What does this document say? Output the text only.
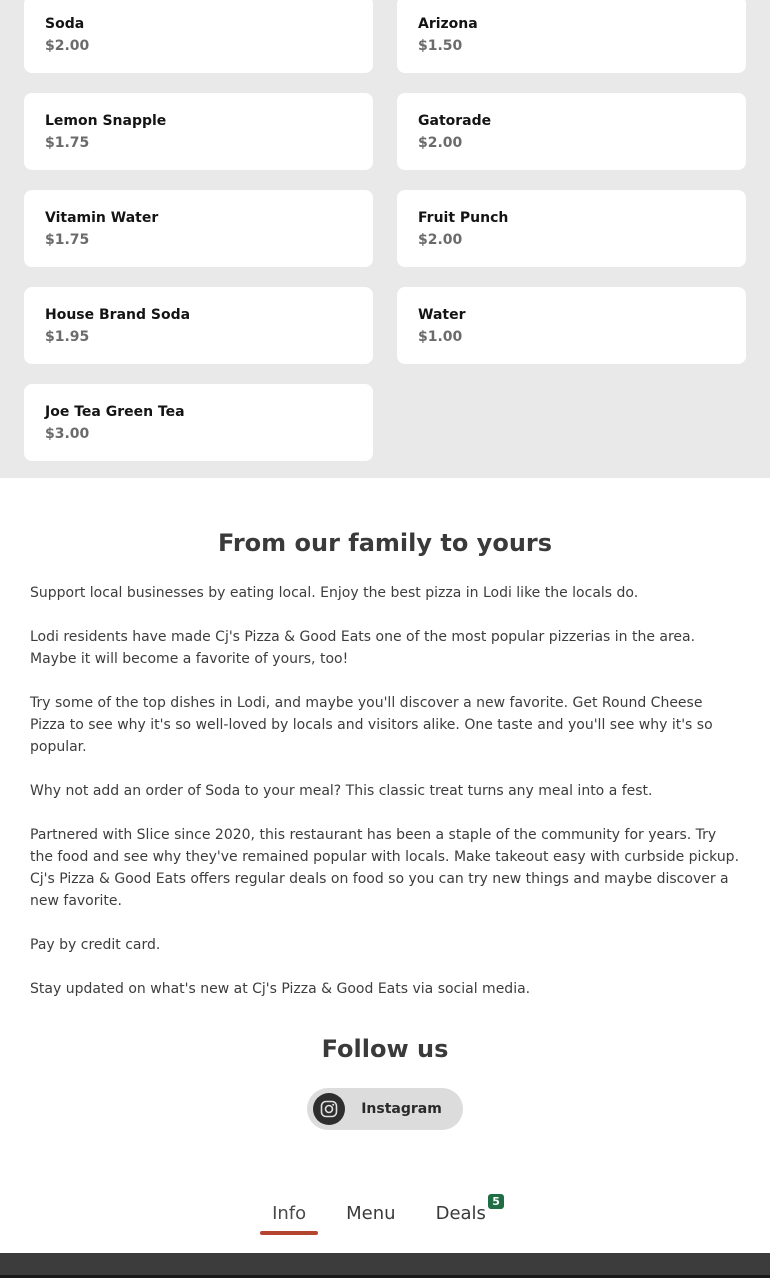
Soda
$2.00
Arizona
$1.50
Lemon Snapple
$1.75
Gatorade
$2.00
Vitamin Water
$1.75
Fruit Punch
$2.00
House Brand Soda
$1.95
Water
$1.00
Joe Tea Green Tea
$3.00
From our family to yours

Support local businesses by eating local. Enjoy the best pizza in Lodi like the locals do.

Lodi residents have made Cj's Pizza & Good Eats one of the most popular pizzerias in the area. Maybe it will become a favorite of yours, too!

Try some of the top dishes in Lodi, and maybe you'll discover a new favorite. Get Round Cheese Pizza to see why it's so well-loved by locals and visitors alike. One taste and you'll see why it's so popular.

Why not add an order of Soda to your meal? This classic treat turns any meal into a fest.

Partnered with Slice since 2020, this restaurant has been a staple of the community for years. Try the food and see why they've remained popular with locals. Make takeout easy with curbside pickup. Cj's Pizza & Good Eats offers regular deals on food so you can try new things and maybe discover a new favorite.

Pay by credit card.

Stay updated on what's new at Cj's Pizza & Good Eats via social media.

Follow us
Instagram
Info	Menu	Deals
5
